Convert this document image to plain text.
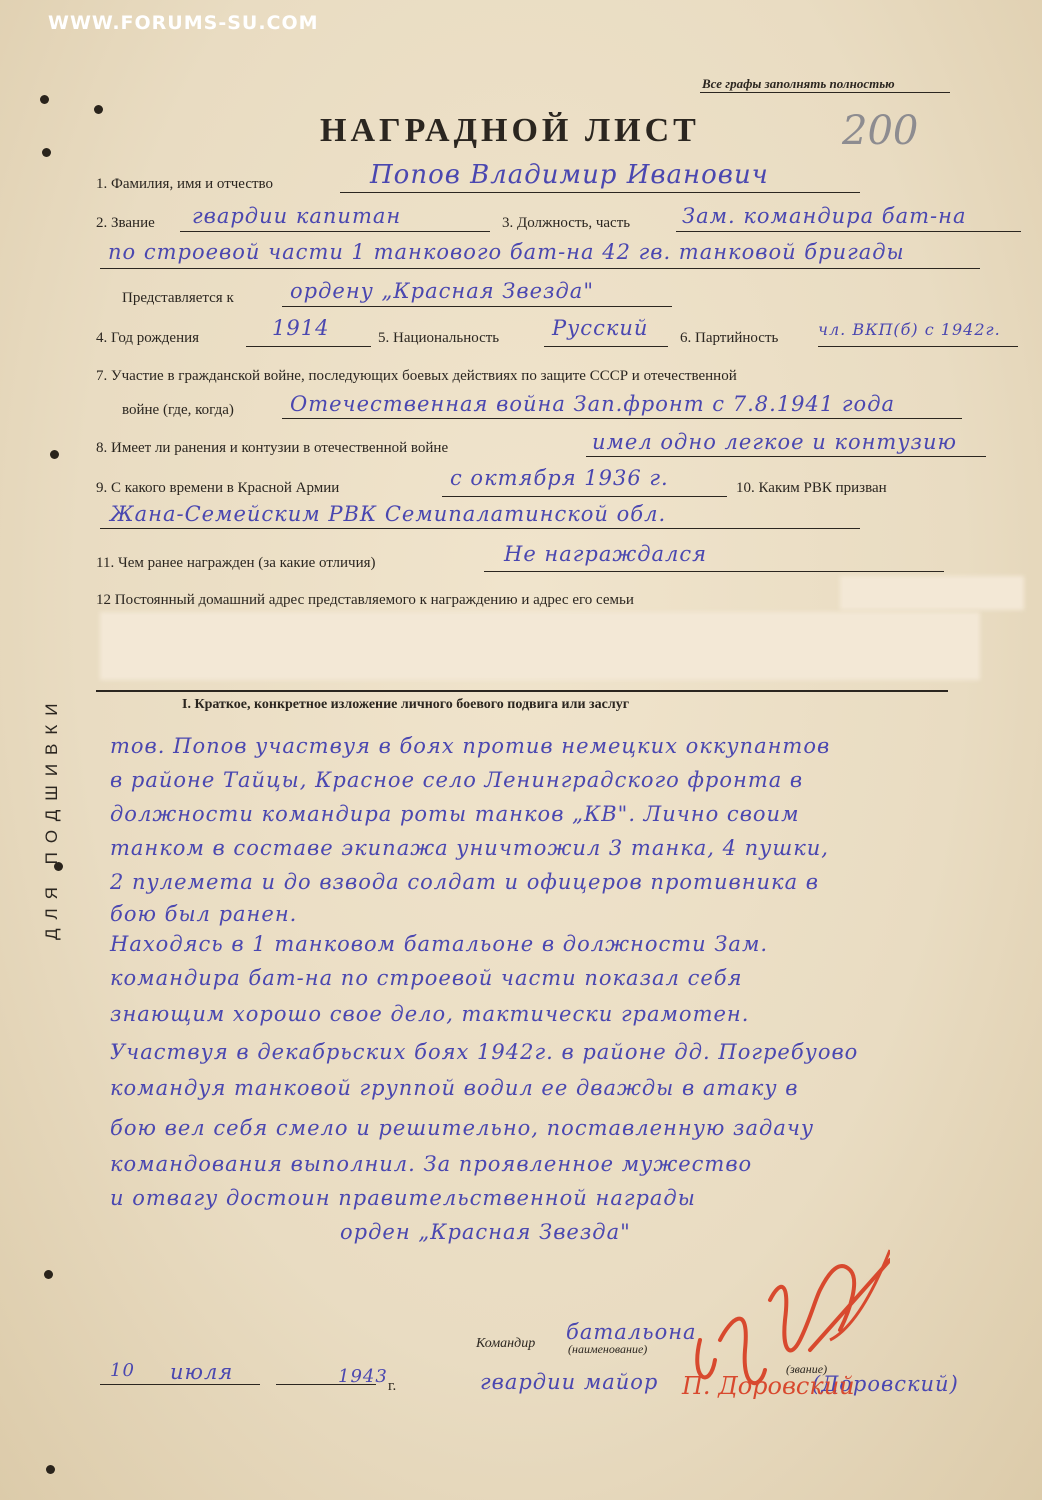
WWW.FORUMS-SU.COM
Все графы заполнять полностью
НАГРАДНОЙ ЛИСТ	200
ДЛЯ ПОДШИВКИ
1. Фамилия, имя и отчество	Попов Владимир Иванович
2. Звание гвардии капитан	3. Должность, часть Зам. командира бат-на
по строевой части 1 танкового бат-на 42 гв. танковой бригады
Представляется к	ордену „Красная Звезда"
4. Год рождения	1914	5. Национальность	Русский 6. Партийность чл. ВКП(б) с 1942г.
7. Участие в гражданской войне, последующих боевых действиях по защите СССР и отечественной
войне (где, когда)	Отечественная война Зап.фронт с 7.8.1941 года
8. Имеет ли ранения и контузии в отечественной войне	имел одно легкое и контузию
9. С какого времени в Красной Армии	с октября 1936 г.	10. Каким РВК призван
Жана-Семейским РВК Семипалатинской обл.
11. Чем ранее награжден (за какие отличия)	Не награждался
12 Постоянный домашний адрес представляемого к награждению и адрес его семьи
I. Краткое, конкретное изложение личного боевого подвига или заслуг
тов. Попов участвуя в боях против немецких оккупантов
в районе Тайцы, Красное село Ленинградского фронта в
должности командира роты танков „КВ". Лично своим
танком в составе экипажа уничтожил 3 танка, 4 пушки,
2 пулемета и до взвода солдат и офицеров противника в
бою был ранен.
Находясь в 1 танковом батальоне в должности Зам.
командира бат-на по строевой части показал себя
знающим хорошо свое дело, тактически грамотен.
Участвуя в декабрьских боях 1942г. в районе дд. Погребуово
командуя танковой группой водил ее дважды в атаку в
бою вел себя смело и решительно, поставленную задачу
командования выполнил. За проявленное мужество
и отвагу достоин правительственной награды
орден „Красная Звезда"
Командир	(наименование)
батальона
10 июля	1943 г.	гвардии майор
(звание)
(Доровский)
П. Доровский
